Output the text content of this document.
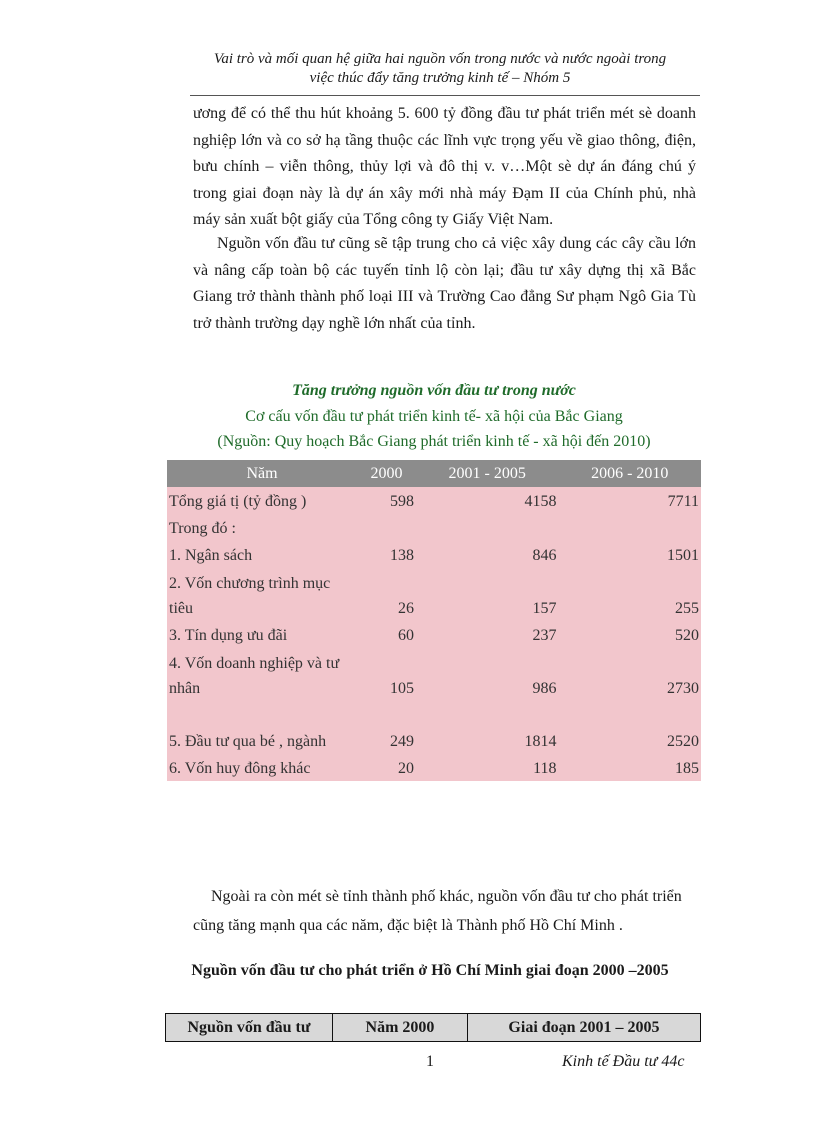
Vai trò và mối quan hệ giữa hai nguồn vốn trong nước và nước ngoài trong
việc thúc đẩy tăng trưởng kinh tế – Nhóm 5
ương để có thể thu hút khoảng 5. 600 tỷ đồng đầu tư phát triển mét sè doanh nghiệp lớn và co sở hạ tầng thuộc các lĩnh vực trọng yếu về giao thông, điện, bưu chính – viễn thông, thủy lợi và đô thị v. v…Một sè dự án đáng chú ý trong giai đoạn này là dự án xây mới nhà máy Đạm II của Chính phủ, nhà máy sản xuất bột giấy của Tổng công ty Giấy Việt Nam.
Nguồn vốn đầu tư cũng sẽ tập trung cho cả việc xây dung các cây cầu lớn và nâng cấp toàn bộ các tuyến tỉnh lộ còn lại; đầu tư xây dựng thị xã Bắc Giang trở thành thành phố loại III và Trường Cao đẳng Sư phạm Ngô Gia Tù trở thành trường dạy nghề lớn nhất của tỉnh.
Tăng trưởng nguồn vốn đầu tư trong nước
Cơ cấu vốn đầu tư phát triển kinh tế- xã hội của Bắc Giang
(Nguồn: Quy hoạch Bắc Giang phát triển kinh tế - xã hội đến 2010)
Năm	2000	2001 - 2005	2006 - 2010
Tổng giá tị (tỷ đồng )	598	4158	7711
Trong đó :			
1. Ngân sách	138	846	1501
2. Vốn chương trình mục tiêu	26	157	255
3. Tín dụng ưu đãi	60	237	520
4. Vốn doanh nghiệp và tư nhân	105	986	2730
5. Đầu tư qua bé , ngành	249	1814	2520
6. Vốn huy đông khác	20	118	185
Ngoài ra còn mét sè tỉnh thành phố khác, nguồn vốn đầu tư cho phát triển cũng tăng mạnh qua các năm, đặc biệt là Thành phố Hồ Chí Minh .
Nguồn vốn đầu tư cho phát triển ở Hồ Chí Minh giai đoạn 2000 –2005
Nguồn vốn đầu tư	Năm 2000	Giai đoạn 2001 – 2005
1	Kinh tế Đầu tư 44c
